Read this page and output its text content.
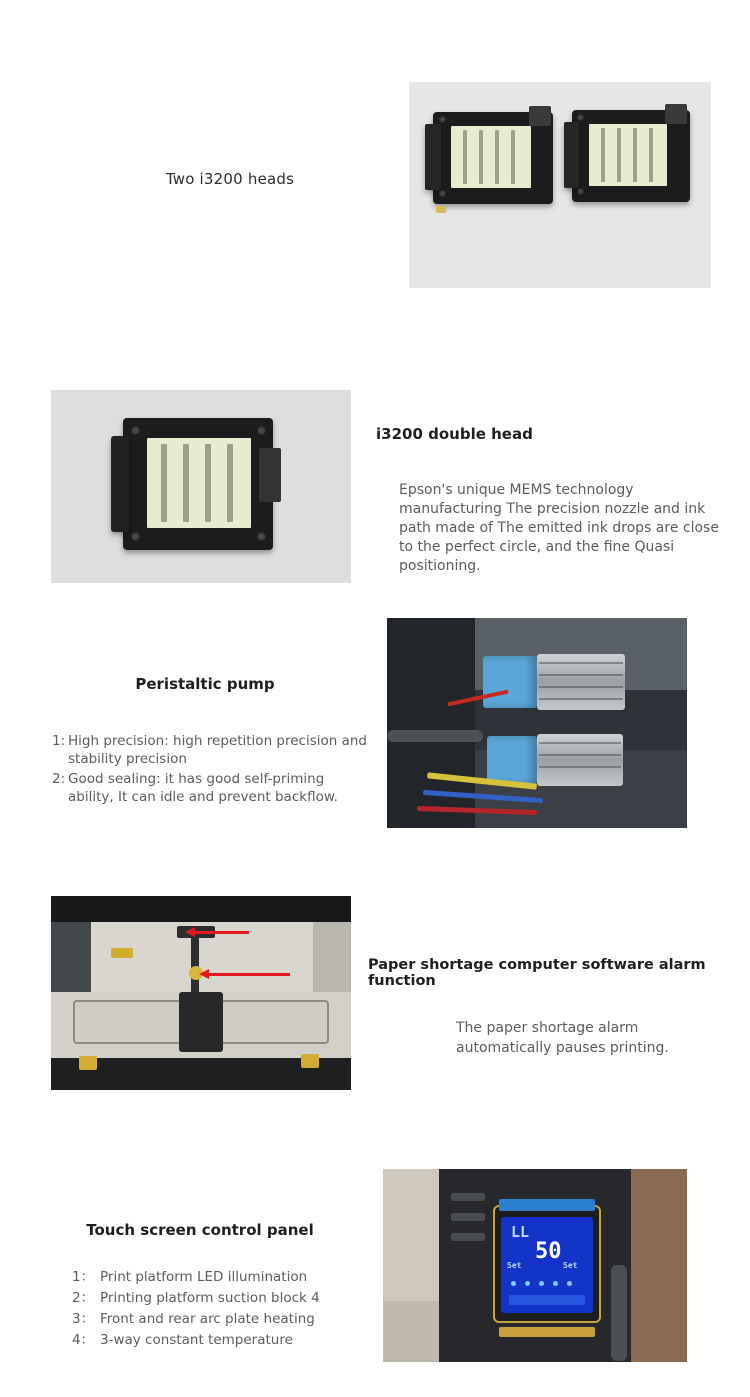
Two i3200 heads
i3200 double head
Epson's unique MEMS technology manufacturing The precision nozzle and ink path made of The emitted ink drops are close to the perfect circle, and the fine Quasi positioning.
Peristaltic pump
1: High precision: high repetition precision and stability precision
2: Good sealing: it has good self-priming ability, It can idle and prevent backflow.
Paper shortage computer software alarm function
The paper shortage alarm automatically pauses printing.
Touch screen control panel
1： Print platform LED illumination
2： Printing platform suction block 4
3： Front and rear arc plate heating
4： 3-way constant temperature
LL
50
Set	Set
